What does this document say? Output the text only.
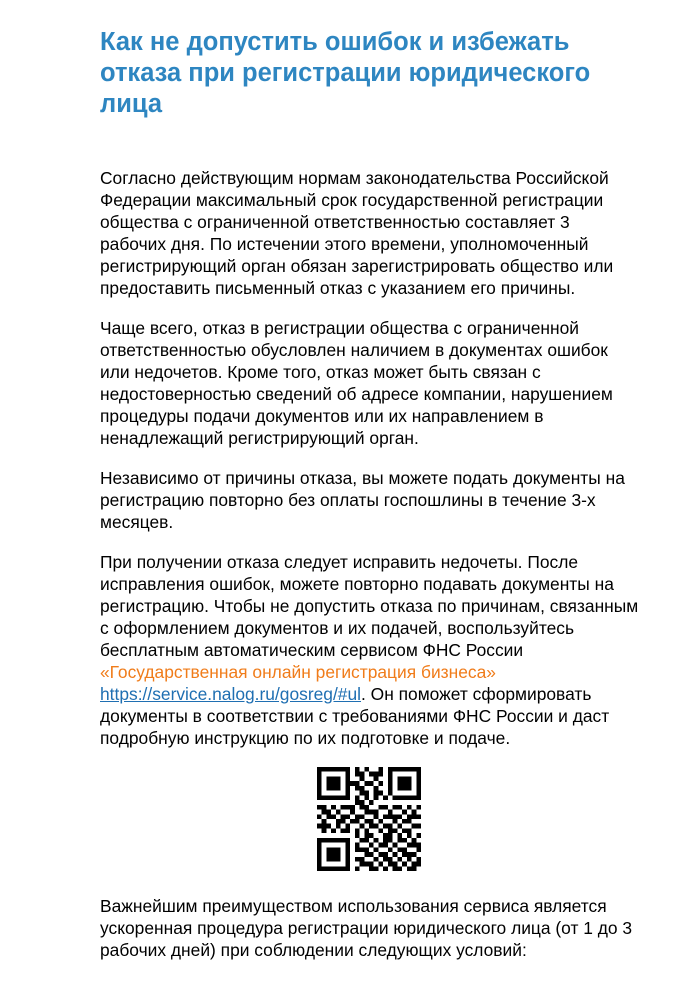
Как не допустить ошибок и избежать отказа при регистрации юридического лица

Согласно действующим нормам законодательства Российской Федерации максимальный срок государственной регистрации общества с ограниченной ответственностью составляет 3 рабочих дня. По истечении этого времени, уполномоченный регистрирующий орган обязан зарегистрировать общество или предоставить письменный отказ с указанием его причины.

Чаще всего, отказ в регистрации общества с ограниченной ответственностью обусловлен наличием в документах ошибок или недочетов. Кроме того, отказ может быть связан с недостоверностью сведений об адресе компании, нарушением процедуры подачи документов или их направлением в ненадлежащий регистрирующий орган.

Независимо от причины отказа, вы можете подать документы на регистрацию повторно без оплаты госпошлины в течение 3-х месяцев.

При получении отказа следует исправить недочеты. После исправления ошибок, можете повторно подавать документы на регистрацию. Чтобы не допустить отказа по причинам, связанным с оформлением документов и их подачей, воспользуйтесь бесплатным автоматическим сервисом ФНС России «Государственная онлайн регистрация бизнеса»
https://service.nalog.ru/gosreg/#ul. Он поможет сформировать документы в соответствии с требованиями ФНС России и даст подробную инструкцию по их подготовке и подаче.

Важнейшим преимуществом использования сервиса является ускоренная процедура регистрации юридического лица (от 1 до 3 рабочих дней) при соблюдении следующих условий:
